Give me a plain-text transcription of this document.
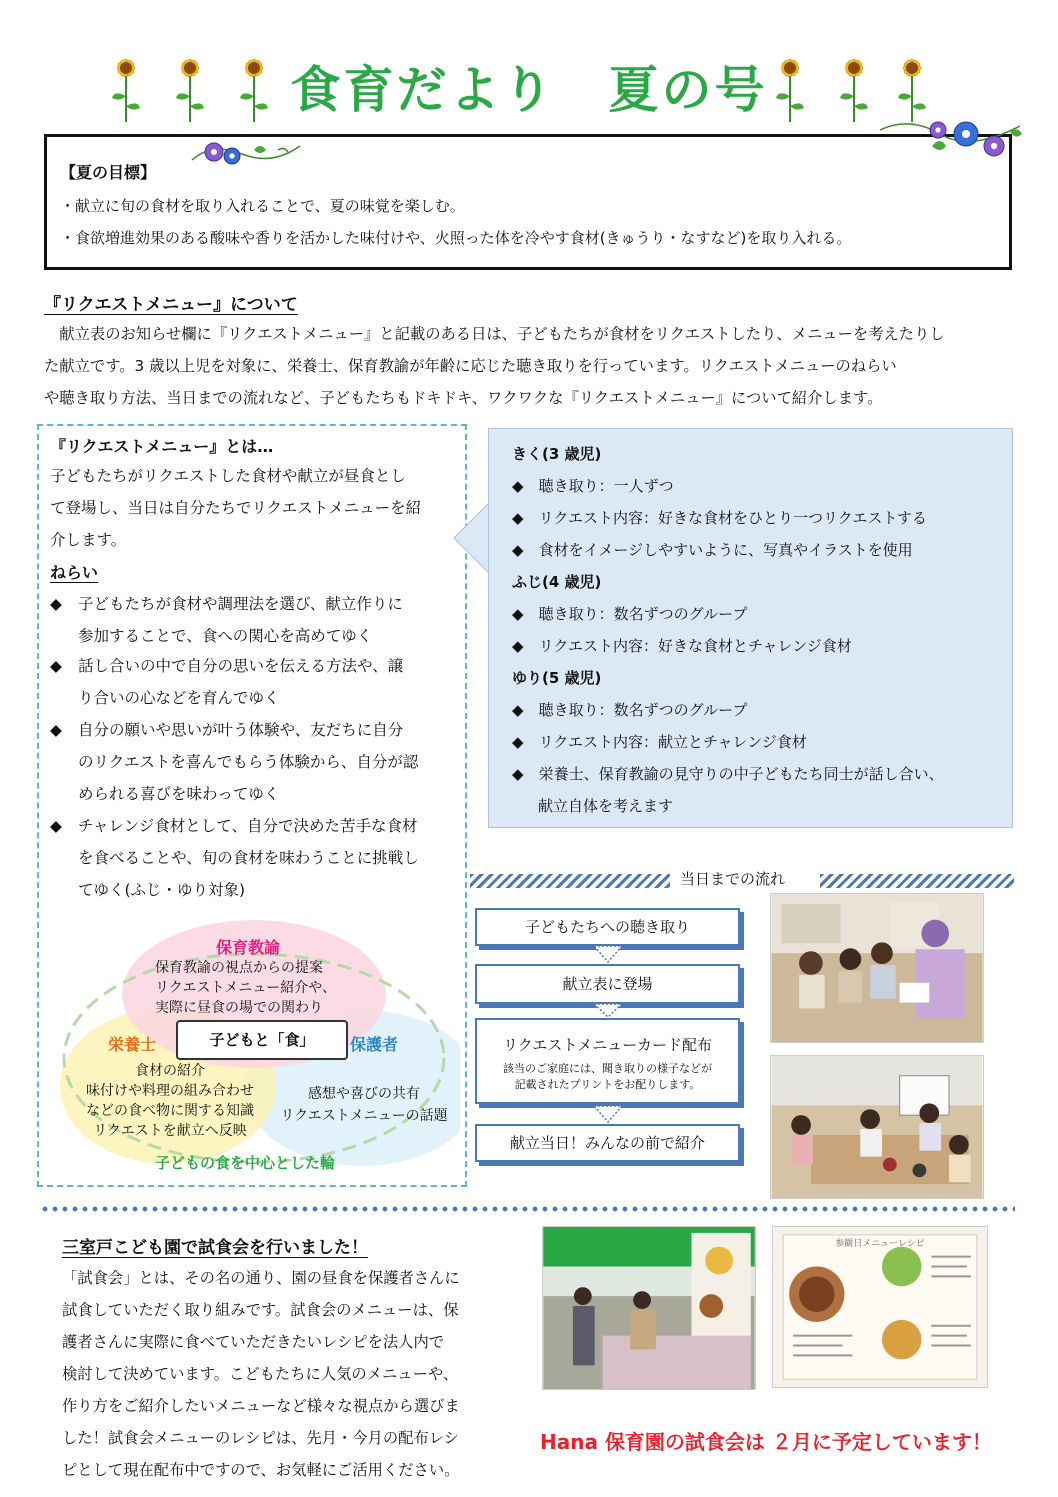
食育だより　夏の号
【夏の目標】
・献立に旬の食材を取り入れることで、夏の味覚を楽しむ。
・食欲増進効果のある酸味や香りを活かした味付けや、火照った体を冷やす食材(きゅうり・なすなど)を取り入れる。
『リクエストメニュー』について
　献立表のお知らせ欄に『リクエストメニュー』と記載のある日は、子どもたちが食材をリクエストしたり、メニューを考えたりし
た献立です。3 歳以上児を対象に、栄養士、保育教諭が年齢に応じた聴き取りを行っています。リクエストメニューのねらい
や聴き取り方法、当日までの流れなど、子どもたちもドキドキ、ワクワクな『リクエストメニュー』について紹介します。
『リクエストメニュー』とは…
子どもたちがリクエストした食材や献立が昼食とし
て登場し、当日は自分たちでリクエストメニューを紹
介します。
ねらい
◆ 子どもたちが食材や調理法を選び、献立作りに
参加することで、食への関心を高めてゆく
◆ 話し合いの中で自分の思いを伝える方法や、譲
り合いの心などを育んでゆく
◆ 自分の願いや思いが叶う体験や、友だちに自分
のリクエストを喜んでもらう体験から、自分が認
められる喜びを味わってゆく
◆ チャレンジ食材として、自分で決めた苦手な食材
を食べることや、旬の食材を味わうことに挑戦し
てゆく(ふじ・ゆり対象)
保育教諭
保育教諭の視点からの提案
リクエストメニュー紹介や、
実際に昼食の場での関わり
子どもと「食」
栄養士	保護者
食材の紹介
味付けや料理の組み合わせ
などの食べ物に関する知識
リクエストを献立へ反映
感想や喜びの共有
リクエストメニューの話題
子どもの食を中心とした輪
きく(3 歳児)
◆　 聴き取り：一人ずつ
◆　 リクエスト内容：好きな食材をひとり一つリクエストする
◆　 食材をイメージしやすいように、写真やイラストを使用
ふじ(4 歳児)
◆　 聴き取り：数名ずつのグループ
◆　 リクエスト内容：好きな食材とチャレンジ食材
ゆり(5 歳児)
◆　 聴き取り：数名ずつのグループ
◆　 リクエスト内容：献立とチャレンジ食材
◆　 栄養士、保育教諭の見守りの中子どもたち同士が話し合い、
献立自体を考えます
当日までの流れ
子どもたちへの聴き取り
献立表に登場
リクエストメニューカード配布
該当のご家庭には、聞き取りの様子などが
記載されたプリントをお配りします。
献立当日！みんなの前で紹介
三室戸こども園で試食会を行いました！
「試食会」とは、その名の通り、園の昼食を保護者さんに
試食していただく取り組みです。試食会のメニューは、保
護者さんに実際に食べていただきたいレシピを法人内で
検討して決めています。こどもたちに人気のメニューや、
作り方をご紹介したいメニューなど様々な視点から選びま
した！試食会メニューのレシピは、先月・今月の配布レシ
ピとして現在配布中ですので、お気軽にご活用ください。
参観日メニューレシピ
Hana 保育園の試食会は ２月に予定しています！
